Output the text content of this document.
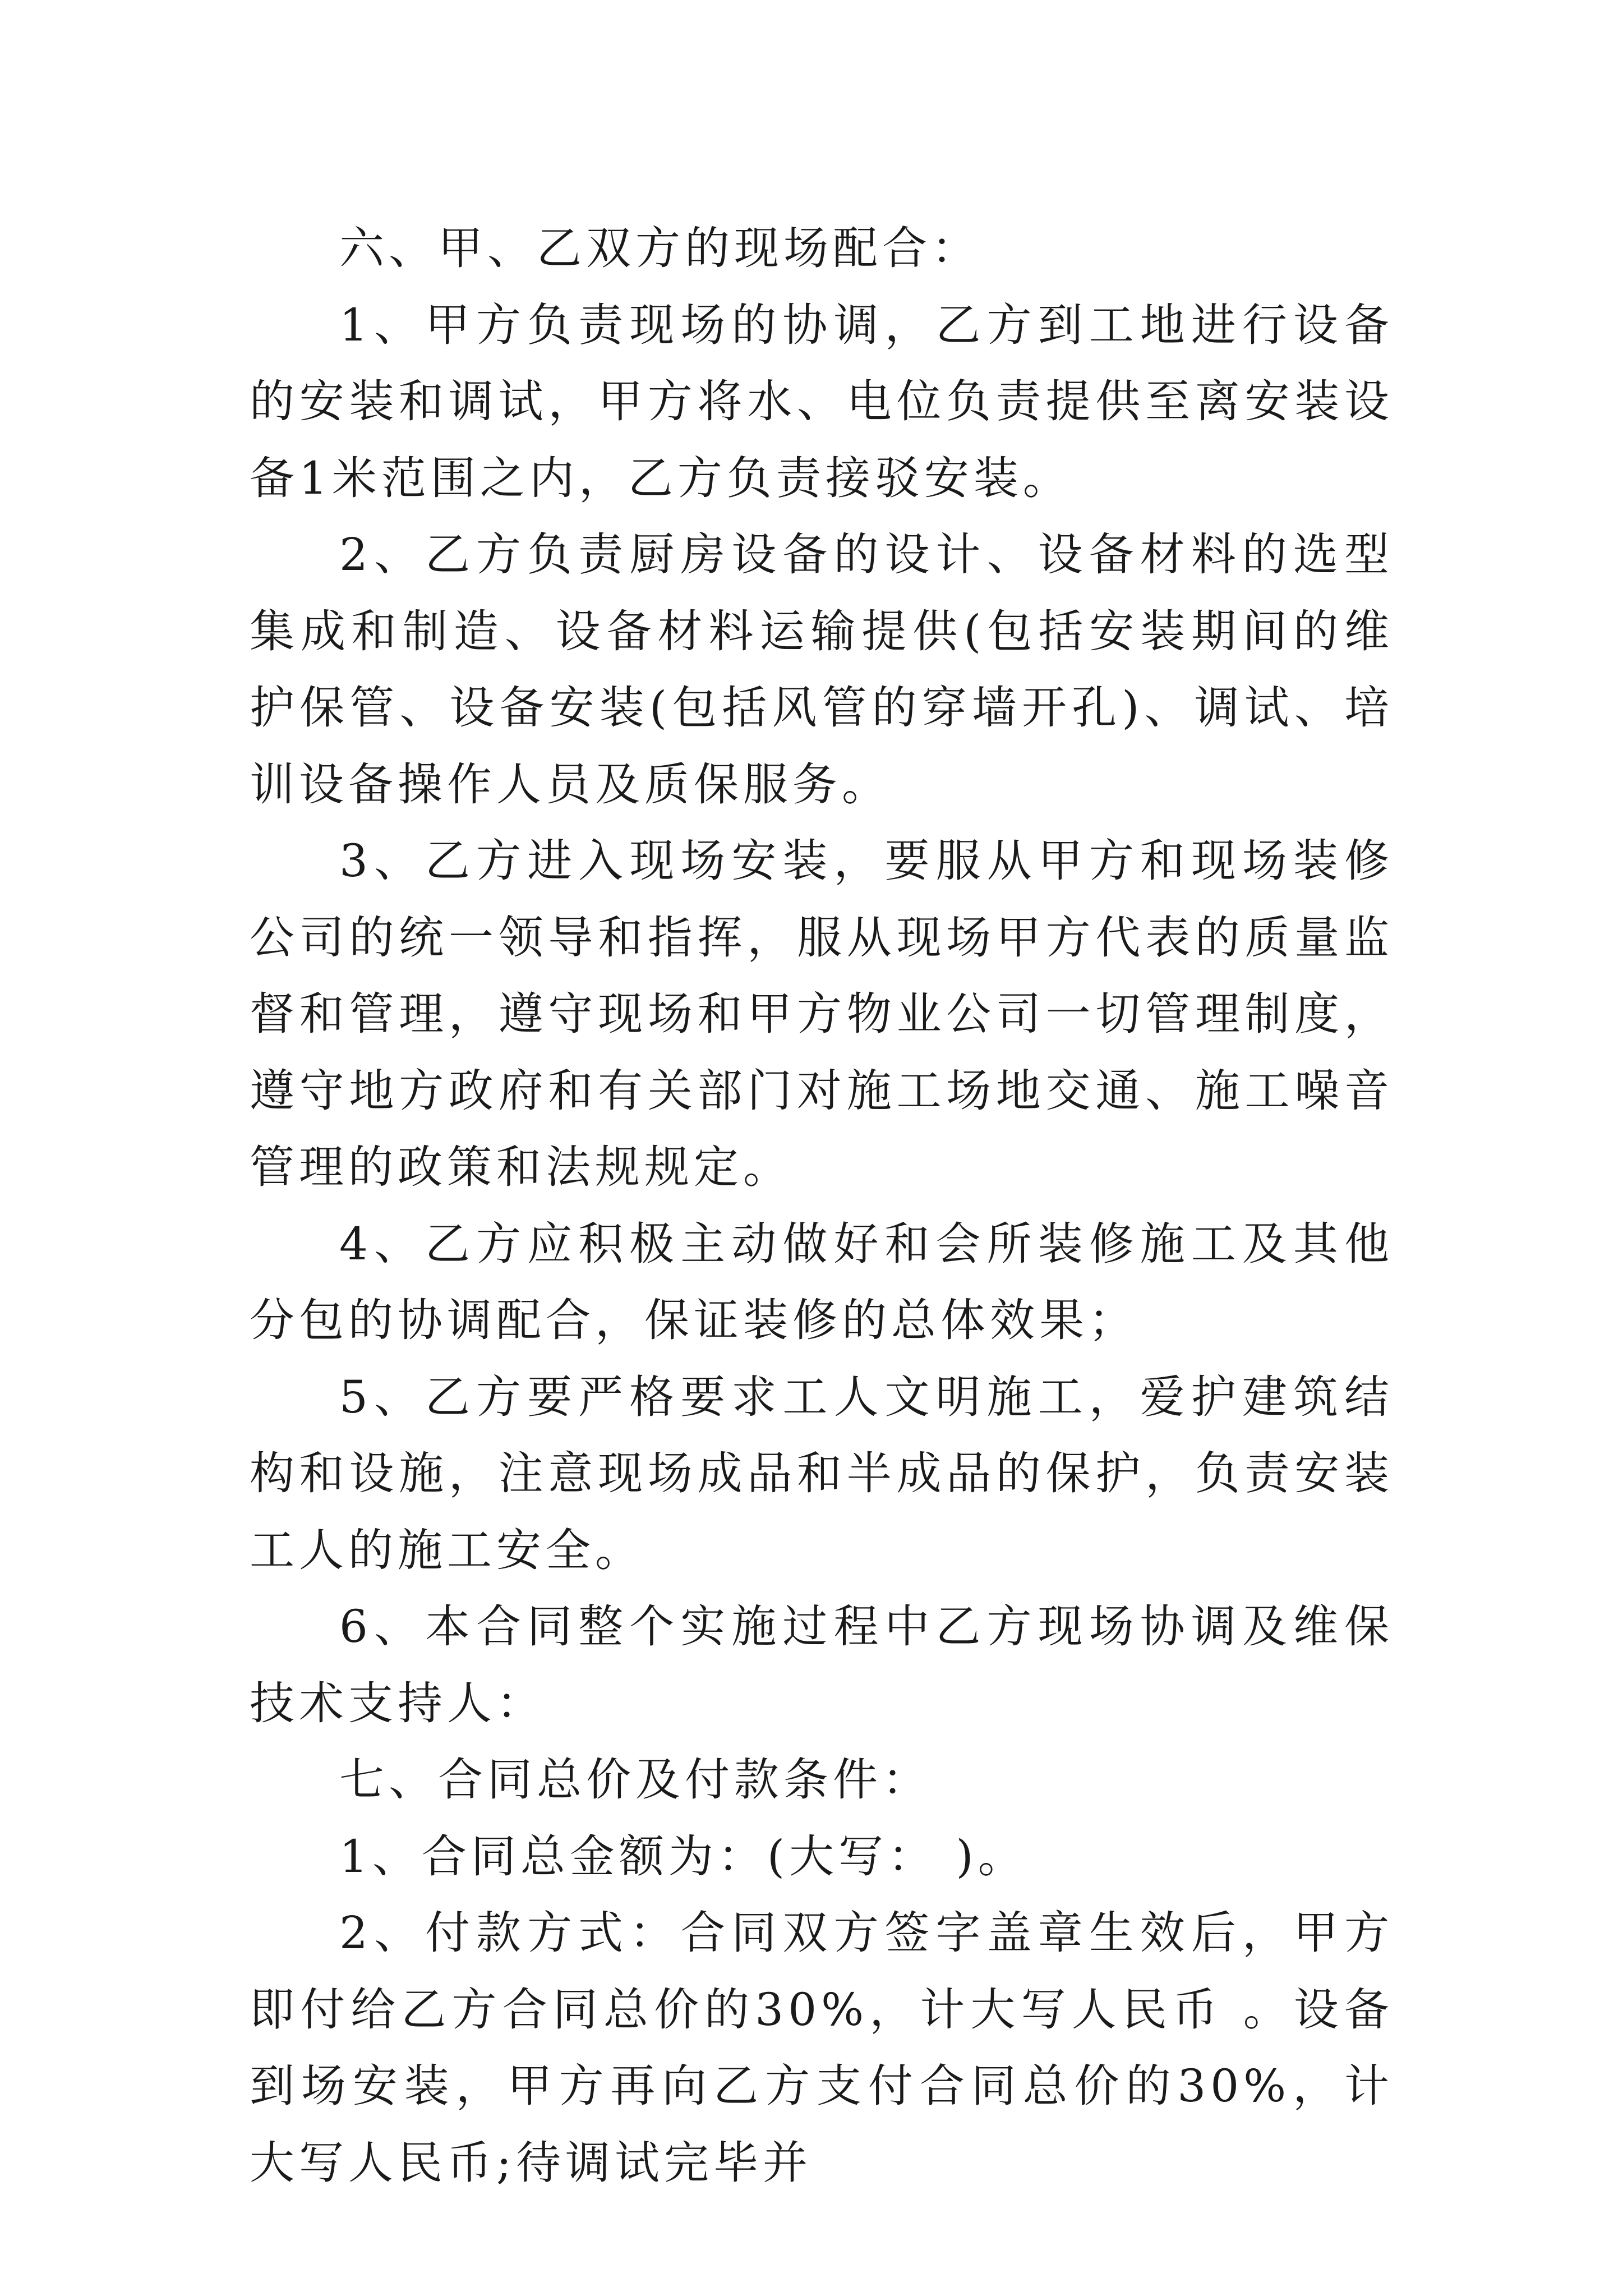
六、甲、乙双方的现场配合：

1、甲方负责现场的协调，乙方到工地进行设备的安装和调试，甲方将水、电位负责提供至离安装设备1米范围之内，乙方负责接驳安装。

2、乙方负责厨房设备的设计、设备材料的选型集成和制造、设备材料运输提供(包括安装期间的维护保管、设备安装(包括风管的穿墙开孔)、调试、培训设备操作人员及质保服务。

3、乙方进入现场安装，要服从甲方和现场装修公司的统一领导和指挥，服从现场甲方代表的质量监督和管理，遵守现场和甲方物业公司一切管理制度，遵守地方政府和有关部门对施工场地交通、施工噪音管理的政策和法规规定。

4、乙方应积极主动做好和会所装修施工及其他分包的协调配合，保证装修的总体效果；

5、乙方要严格要求工人文明施工，爱护建筑结构和设施，注意现场成品和半成品的保护，负责安装工人的施工安全。

6、本合同整个实施过程中乙方现场协调及维保技术支持人：

七、合同总价及付款条件：

1、合同总金额为：(大写： )。

2、付款方式：合同双方签字盖章生效后，甲方即付给乙方合同总价的30%，计大写人民币 。设备到场安装，甲方再向乙方支付合同总价的30%，计大写人民币;待调试完毕并
